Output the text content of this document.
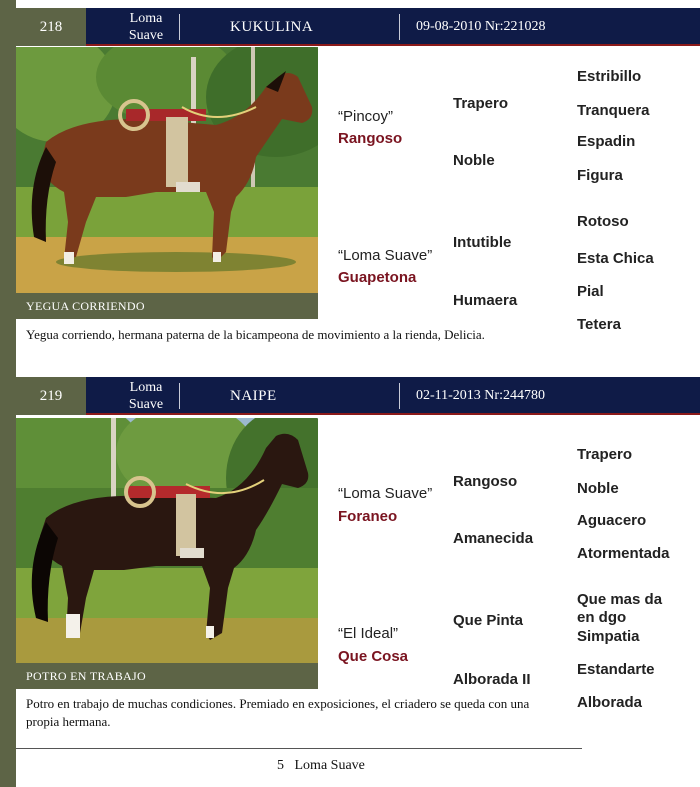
218
Loma
Suave
KUKULINA	09-08-2010 Nr:221028
YEGUA CORRIENDO
“Pincoy”
Rangoso
“Loma Suave”
Guapetona
Trapero
Noble
Intutible
Humaera
Estribillo
Tranquera
Espadin
Figura
Rotoso
Esta Chica
Pial
Tetera
Yegua corriendo, hermana paterna de la bicampeona de movimiento a la rienda, Delicia.
219
Loma
Suave
NAIPE	02-11-2013 Nr:244780
POTRO EN TRABAJO
“Loma Suave”
Foraneo
“El Ideal”
Que Cosa
Rangoso
Amanecida
Que Pinta
Alborada II
Trapero
Noble
Aguacero
Atormentada
Que mas da
en dgo
Simpatia
Estandarte
Alborada
Potro en trabajo de muchas condiciones. Premiado en exposiciones, el criadero se queda con una
propia hermana.
5 Loma Suave
